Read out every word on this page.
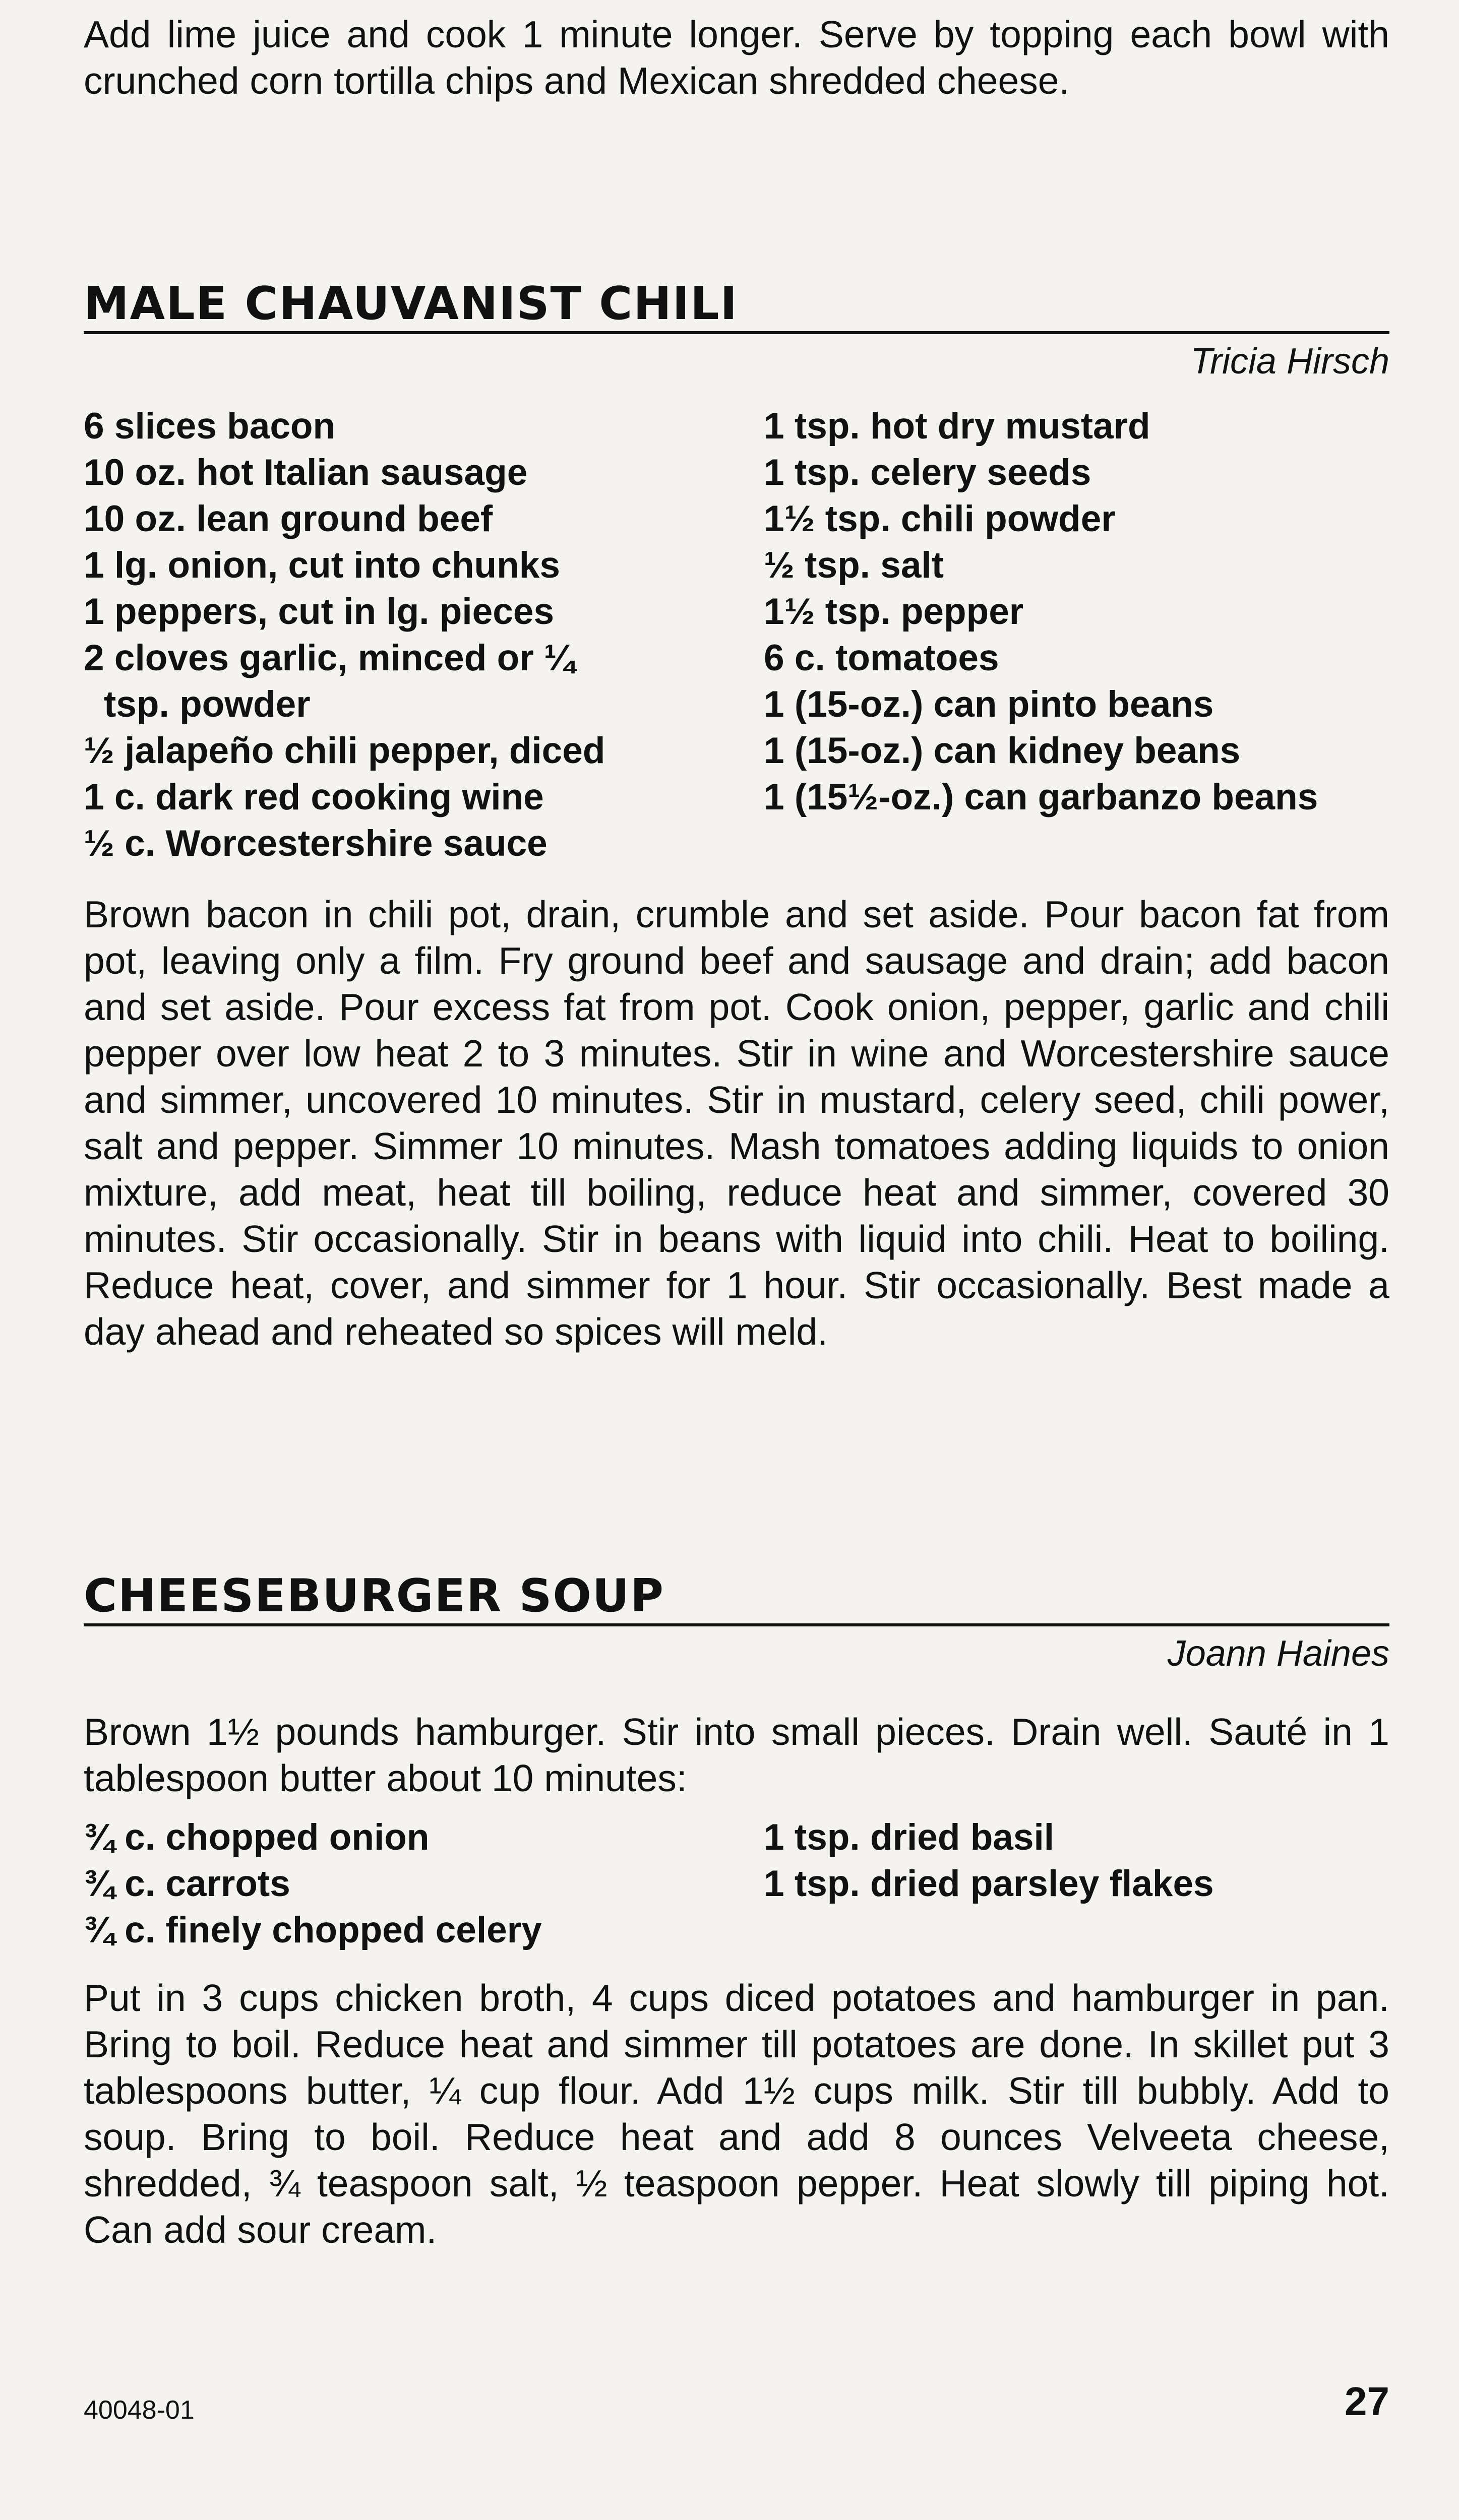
Add lime juice and cook 1 minute longer. Serve by topping each bowl with crunched corn tortilla chips and Mexican shredded cheese.

MALE CHAUVANIST CHILI
Tricia Hirsch
6 slices bacon
10 oz. hot Italian sausage
10 oz. lean ground beef
1 lg. onion, cut into chunks
1 peppers, cut in lg. pieces
2 cloves garlic, minced or ¼
tsp. powder
½ jalapeño chili pepper, diced
1 c. dark red cooking wine
½ c. Worcestershire sauce
1 tsp. hot dry mustard
1 tsp. celery seeds
1½ tsp. chili powder
½ tsp. salt
1½ tsp. pepper
6 c. tomatoes
1 (15-oz.) can pinto beans
1 (15-oz.) can kidney beans
1 (15½-oz.) can garbanzo beans

Brown bacon in chili pot, drain, crumble and set aside. Pour bacon fat from pot, leaving only a film. Fry ground beef and sausage and drain; add bacon and set aside. Pour excess fat from pot. Cook onion, pepper, garlic and chili pepper over low heat 2 to 3 minutes. Stir in wine and Worcestershire sauce and simmer, uncovered 10 minutes. Stir in mustard, celery seed, chili power, salt and pepper. Simmer 10 minutes. Mash tomatoes adding liquids to onion mixture, add meat, heat till boiling, reduce heat and simmer, covered 30 minutes. Stir occasionally. Stir in beans with liquid into chili. Heat to boiling. Reduce heat, cover, and simmer for 1 hour. Stir occasionally. Best made a day ahead and reheated so spices will meld.

CHEESEBURGER SOUP
Joann Haines

Brown 1½ pounds hamburger. Stir into small pieces. Drain well. Sauté in 1 tablespoon butter about 10 minutes:

¾ c. chopped onion
¾ c. carrots
¾ c. finely chopped celery
1 tsp. dried basil
1 tsp. dried parsley flakes

Put in 3 cups chicken broth, 4 cups diced potatoes and hamburger in pan. Bring to boil. Reduce heat and simmer till potatoes are done. In skillet put 3 tablespoons butter, ¼ cup flour. Add 1½ cups milk. Stir till bubbly. Add to soup. Bring to boil. Reduce heat and add 8 ounces Velveeta cheese, shredded, ¾ teaspoon salt, ½ teaspoon pepper. Heat slowly till piping hot. Can add sour cream.

40048-01	27
